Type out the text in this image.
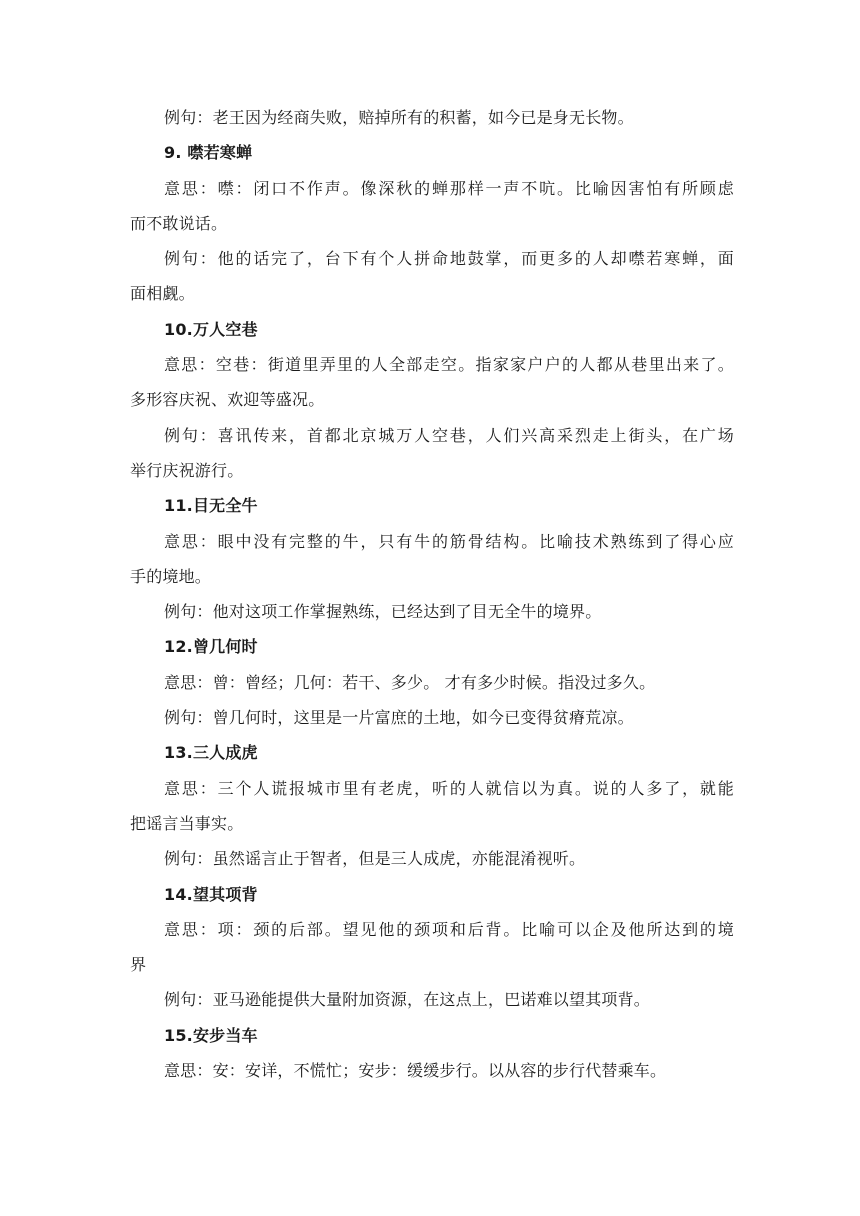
例句：老王因为经商失败，赔掉所有的积蓄，如今已是身无长物。
9. 噤若寒蝉
意思：噤：闭口不作声。像深秋的蝉那样一声不吭。比喻因害怕有所顾虑
而不敢说话。
例句：他的话完了，台下有个人拼命地鼓掌，而更多的人却噤若寒蝉，面
面相觑。
10.万人空巷
意思：空巷：街道里弄里的人全部走空。指家家户户的人都从巷里出来了。
多形容庆祝、欢迎等盛况。
例句：喜讯传来，首都北京城万人空巷，人们兴高采烈走上街头，在广场
举行庆祝游行。
11.目无全牛
意思：眼中没有完整的牛，只有牛的筋骨结构。比喻技术熟练到了得心应
手的境地。
例句：他对这项工作掌握熟练，已经达到了目无全牛的境界。
12.曾几何时
意思：曾：曾经；几何：若干、多少。 才有多少时候。指没过多久。
例句：曾几何时，这里是一片富庶的土地，如今已变得贫瘠荒凉。
13.三人成虎
意思：三个人谎报城市里有老虎，听的人就信以为真。说的人多了，就能
把谣言当事实。
例句：虽然谣言止于智者，但是三人成虎，亦能混淆视听。
14.望其项背
意思：项：颈的后部。望见他的颈项和后背。比喻可以企及他所达到的境
界
例句：亚马逊能提供大量附加资源，在这点上，巴诺难以望其项背。
15.安步当车
意思：安：安详，不慌忙；安步：缓缓步行。以从容的步行代替乘车。
